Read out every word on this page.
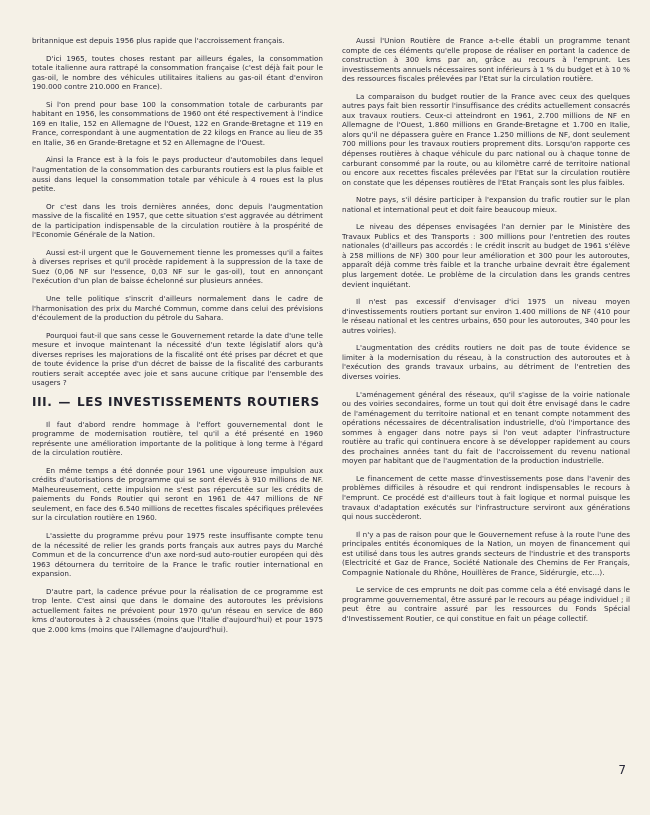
britannique est depuis 1956 plus rapide que l'accroissement français.

D'ici 1965, toutes choses restant par ailleurs égales, la consommation totale italienne aura rattrapé la consommation française (c'est déjà fait pour le gas-oil, le nombre des véhicules utilitaires italiens au gas-oil étant d'environ 190.000 contre 210.000 en France).

Si l'on prend pour base 100 la consommation totale de carburants par habitant en 1956, les consommations de 1960 ont été respectivement à l'indice 169 en Italie, 152 en Allemagne de l'Ouest, 122 en Grande-Bretagne et 119 en France, correspondant à une augmentation de 22 kilogs en France au lieu de 35 en Italie, 36 en Grande-Bretagne et 52 en Allemagne de l'Ouest.

Ainsi la France est à la fois le pays producteur d'automobiles dans lequel l'augmentation de la consommation des carburants routiers est la plus faible et aussi dans lequel la consommation totale par véhicule à 4 roues est la plus petite.

Or c'est dans les trois dernières années, donc depuis l'augmentation massive de la fiscalité en 1957, que cette situation s'est aggravée au détriment de la participation indispensable de la circulation routière à la prospérité de l'Economie Générale de la Nation.

Aussi est-il urgent que le Gouvernement tienne les promesses qu'il a faites à diverses reprises et qu'il procède rapidement à la suppression de la taxe de Suez (0,06 NF sur l'essence, 0,03 NF sur le gas-oil), tout en annonçant l'exécution d'un plan de baisse échelonné sur plusieurs années.

Une telle politique s'inscrit d'ailleurs normalement dans le cadre de l'harmonisation des prix du Marché Commun, comme dans celui des prévisions d'écoulement de la production du pétrole du Sahara.

Pourquoi faut-il que sans cesse le Gouvernement retarde la date d'une telle mesure et invoque maintenant la nécessité d'un texte législatif alors qu'à diverses reprises les majorations de la fiscalité ont été prises par décret et que de toute évidence la prise d'un décret de baisse de la fiscalité des carburants routiers serait acceptée avec joie et sans aucune critique par l'ensemble des usagers ?

III. — LES INVESTISSEMENTS ROUTIERS

Il faut d'abord rendre hommage à l'effort gouvernemental dont le programme de modernisation routière, tel qu'il a été présenté en 1960 représente une amélioration importante de la politique à long terme à l'égard de la circulation routière.

En même temps a été donnée pour 1961 une vigoureuse impulsion aux crédits d'autorisations de programme qui se sont élevés à 910 millions de NF. Malheureusement, cette impulsion ne s'est pas répercutée sur les crédits de paiements du Fonds Routier qui seront en 1961 de 447 millions de NF seulement, en face des 6.540 millions de recettes fiscales spécifiques prélevées sur la circulation routière en 1960.

L'assiette du programme prévu pour 1975 reste insuffisante compte tenu de la nécessité de relier les grands ports français aux autres pays du Marché Commun et de la concurrence d'un axe nord-sud auto-routier européen qui dès 1963 détournera du territoire de la France le trafic routier international en expansion.

D'autre part, la cadence prévue pour la réalisation de ce programme est trop lente. C'est ainsi que dans le domaine des autoroutes les prévisions actuellement faites ne prévoient pour 1970 qu'un réseau en service de 860 kms d'autoroutes à 2 chaussées (moins que l'Italie d'aujourd'hui) et pour 1975 que 2.000 kms (moins que l'Allemagne d'aujourd'hui).

Aussi l'Union Routière de France a-t-elle établi un programme tenant compte de ces éléments qu'elle propose de réaliser en portant la cadence de construction à 300 kms par an, grâce au recours à l'emprunt. Les investissements annuels nécessaires sont inférieurs à 1 % du budget et à 10 % des ressources fiscales prélevées par l'Etat sur la circulation routière.

La comparaison du budget routier de la France avec ceux des quelques autres pays fait bien ressortir l'insuffisance des crédits actuellement consacrés aux travaux routiers. Ceux-ci atteindront en 1961, 2.700 millions de NF en Allemagne de l'Ouest, 1.860 millions en Grande-Bretagne et 1.700 en Italie, alors qu'il ne dépassera guère en France 1.250 millions de NF, dont seulement 700 millions pour les travaux routiers proprement dits. Lorsqu'on rapporte ces dépenses routières à chaque véhicule du parc national ou à chaque tonne de carburant consommé par la route, ou au kilomètre carré de territoire national ou encore aux recettes fiscales prélevées par l'Etat sur la circulation routière on constate que les dépenses routières de l'Etat Français sont les plus faibles.

Notre pays, s'il désire participer à l'expansion du trafic routier sur le plan national et international peut et doit faire beaucoup mieux.

Le niveau des dépenses envisagées l'an dernier par le Ministère des Travaux Publics et des Transports : 300 millions pour l'entretien des routes nationales (d'ailleurs pas accordés : le crédit inscrit au budget de 1961 s'élève à 258 millions de NF) 300 pour leur amélioration et 300 pour les autoroutes, apparaît déjà comme très faible et la tranche urbaine devrait être également plus largement dotée. Le problème de la circulation dans les grands centres devient inquiétant.

Il n'est pas excessif d'envisager d'ici 1975 un niveau moyen d'investissements routiers portant sur environ 1.400 millions de NF (410 pour le réseau national et les centres urbains, 650 pour les autoroutes, 340 pour les autres voiries).

L'augmentation des crédits routiers ne doit pas de toute évidence se limiter à la modernisation du réseau, à la construction des autoroutes et à l'exécution des grands travaux urbains, au détriment de l'entretien des diverses voiries.

L'aménagement général des réseaux, qu'il s'agisse de la voirie nationale ou des voiries secondaires, forme un tout qui doit être envisagé dans le cadre de l'aménagement du territoire national et en tenant compte notamment des opérations nécessaires de décentralisation industrielle, d'où l'importance des sommes à engager dans notre pays si l'on veut adapter l'infrastructure routière au trafic qui continuera encore à se développer rapidement au cours des prochaines années tant du fait de l'accroissement du revenu national moyen par habitant que de l'augmentation de la production industrielle.

Le financement de cette masse d'investissements pose dans l'avenir des problèmes difficiles à résoudre et qui rendront indispensables le recours à l'emprunt. Ce procédé est d'ailleurs tout à fait logique et normal puisque les travaux d'adaptation exécutés sur l'infrastructure serviront aux générations qui nous succèderont.

Il n'y a pas de raison pour que le Gouvernement refuse à la route l'une des principales entités économiques de la Nation, un moyen de financement qui est utilisé dans tous les autres grands secteurs de l'industrie et des transports (Electricité et Gaz de France, Société Nationale des Chemins de Fer Français, Compagnie Nationale du Rhône, Houillères de France, Sidérurgie, etc...).

Le service de ces emprunts ne doit pas comme cela a été envisagé dans le programme gouvernemental, être assuré par le recours au péage individuel ; il peut être au contraire assuré par les ressources du Fonds Spécial d'Investissement Routier, ce qui constitue en fait un péage collectif.

7
